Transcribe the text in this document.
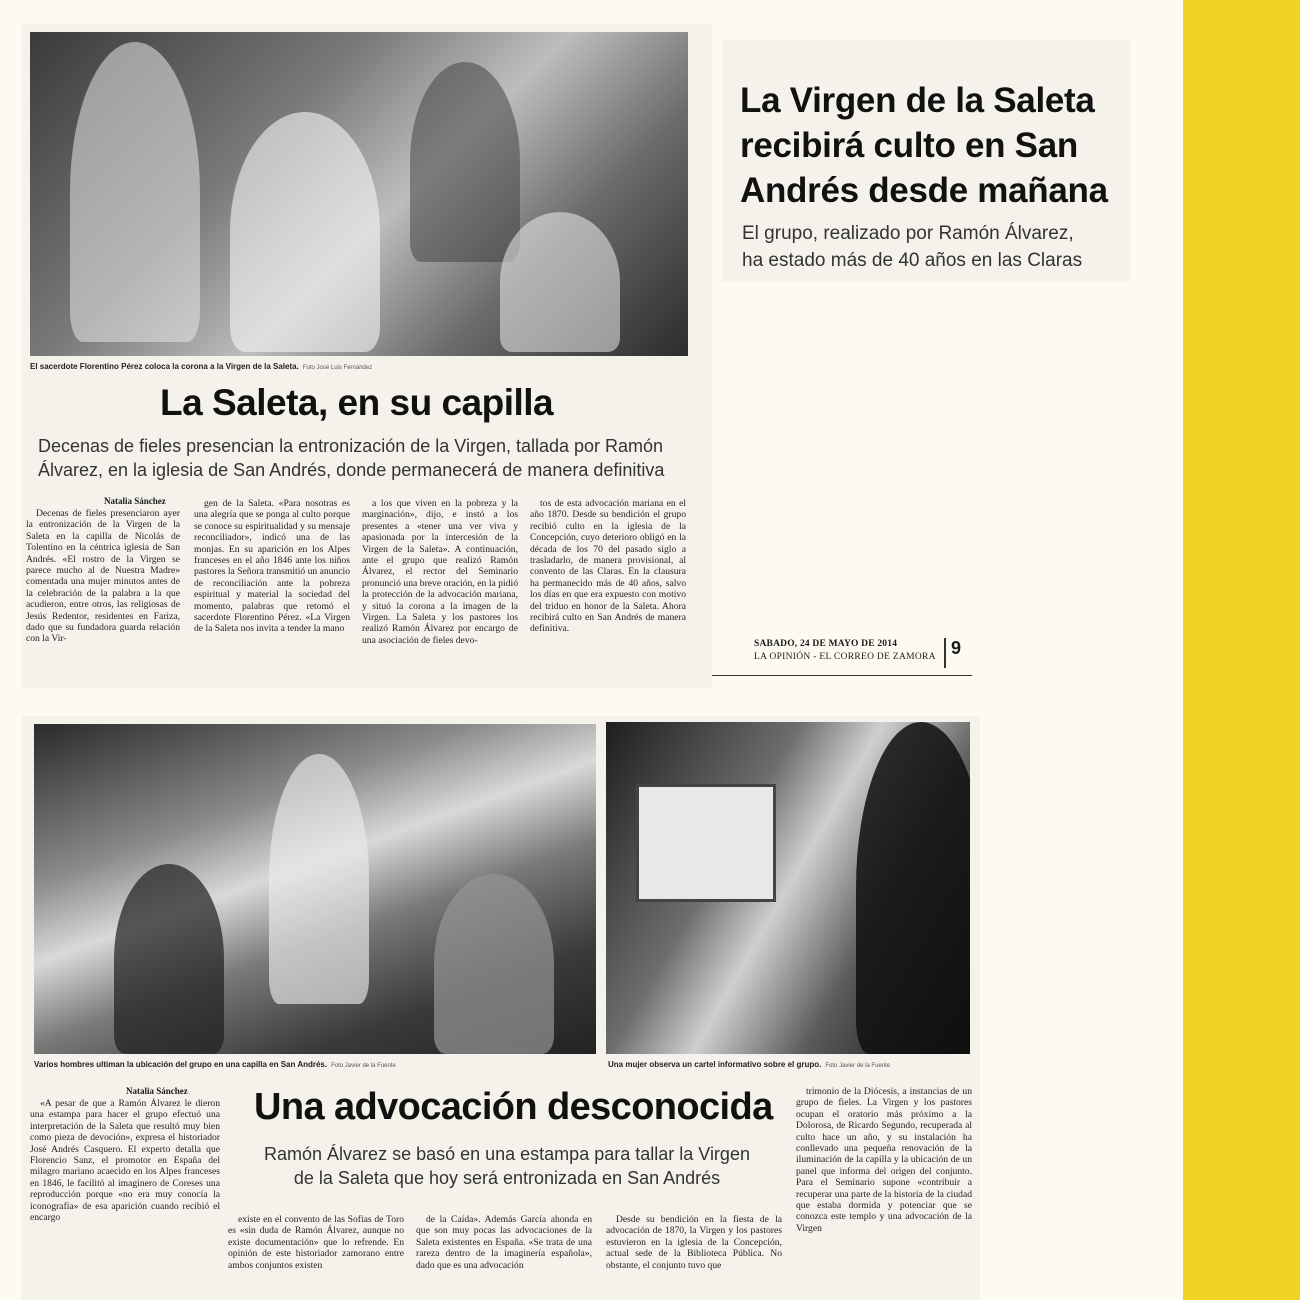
El sacerdote Florentino Pérez coloca la corona a la Virgen de la Saleta. Foto José Luis Fernández
La Saleta, en su capilla
Decenas de fieles presencian la entronización de la Virgen, tallada por Ramón Álvarez, en la iglesia de San Andrés, donde permanecerá de manera definitiva
Natalia Sánchez

Decenas de fieles presenciaron ayer la entronización de la Virgen de la Saleta en la capilla de Nicolás de Tolentino en la céntrica iglesia de San Andrés. «El rostro de la Virgen se parece mucho al de Nuestra Madre» comentada una mujer minutos antes de la celebración de la palabra a la que acudieron, entre otros, las religiosas de Jesús Redentor, residentes en Fariza, dado que su fundadora guarda relación con la Vir-

gen de la Saleta. «Para nosotras es una alegría que se ponga al culto porque se conoce su espiritualidad y su mensaje reconciliador», indicó una de las monjas. En su aparición en los Alpes franceses en el año 1846 ante los niños pastores la Señora transmitió un anuncio de reconciliación ante la pobreza espiritual y material la sociedad del momento, palabras que retomó el sacerdote Florentino Pérez. «La Virgen de la Saleta nos invita a tender la mano

a los que viven en la pobreza y la marginación», dijo, e instó a los presentes a «tener una ver viva y apasionada por la intercesión de la Virgen de la Saleta». A continuación, ante el grupo que realizó Ramón Álvarez, el rector del Seminario pronunció una breve oración, en la pidió la protección de la advocación mariana, y situó la corona a la imagen de la Virgen. La Saleta y los pastores los realizó Ramón Álvarez por encargo de una asociación de fieles devo-

tos de esta advocación mariana en el año 1870. Desde su bendición el grupo recibió culto en la iglesia de la Concepción, cuyo deterioro obligó en la década de los 70 del pasado siglo a trasladarlo, de manera provisional, al convento de las Claras. En la clausura ha permanecido más de 40 años, salvo los días en que era expuesto con motivo del triduo en honor de la Saleta. Ahora recibirá culto en San Andrés de manera definitiva.

La Virgen de la Saleta
recibirá culto en San
Andrés desde mañana
El grupo, realizado por Ramón Álvarez,
ha estado más de 40 años en las Claras
SABADO, 24 DE MAYO DE 2014
LA OPINIÓN - EL CORREO DE ZAMORA 9
Varios hombres ultiman la ubicación del grupo en una capilla en San Andrés. Foto Javier de la Fuente	Una mujer observa un cartel informativo sobre el grupo. Foto Javier de la Fuente
Natalia Sánchez

«A pesar de que a Ramón Álvarez le dieron una estampa para hacer el grupo efectuó una interpretación de la Saleta que resultó muy bien como pieza de devoción», expresa el historiador José Andrés Casquero. El experto detalla que Florencio Sanz, el promotor en España del milagro mariano acaecido en los Alpes franceses en 1846, le facilitó al imaginero de Coreses una reproducción porque «no era muy conocía la iconografía» de esa aparición cuando recibió el encargo

Una advocación desconocida
Ramón Álvarez se basó en una estampa para tallar la Virgen
de la Saleta que hoy será entronizada en San Andrés

existe en el convento de las Sofías de Toro es «sin duda de Ramón Álvarez, aunque no existe documentación» que lo refrende. En opinión de este historiador zamorano entre ambos conjuntos existen

de la Caída». Además García ahonda en que son muy pocas las advocaciones de la Saleta existentes en España. «Se trata de una rareza dentro de la imaginería española», dado que es una advocación

Desde su bendición en la fiesta de la advocación de 1870, la Virgen y los pastores estuvieron en la iglesia de la Concepción, actual sede de la Biblioteca Pública. No obstante, el conjunto tuvo que

trimonio de la Diócesis, a instancias de un grupo de fieles. La Virgen y los pastores ocupan el oratorio más próximo a la Dolorosa, de Ricardo Segundo, recuperada al culto hace un año, y su instalación ha conllevado una pequeña renovación de la iluminación de la capilla y la ubicación de un panel que informa del origen del conjunto. Para el Seminario supone «contribuir a recuperar una parte de la historia de la ciudad que estaba dormida y potenciar que se conozca este templo y una advocación de la Virgen
